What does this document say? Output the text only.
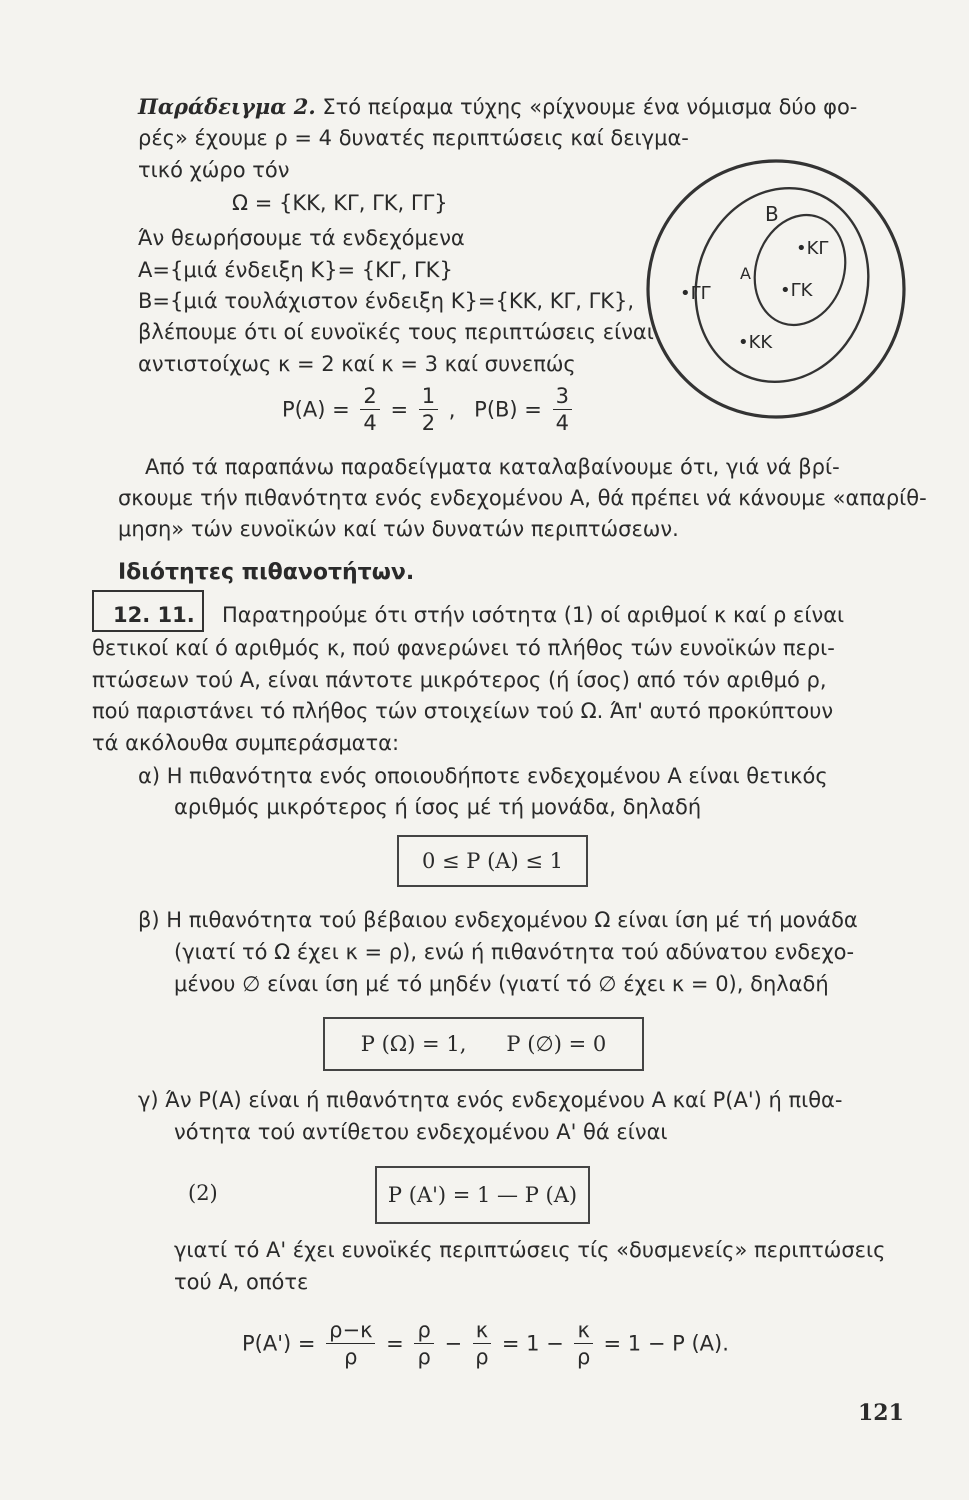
Παράδειγμα 2. Στό πείραμα τύχης «ρίχνουμε ένα νόμισμα δύο φο-
ρές» έχουμε ρ = 4 δυνατές περιπτώσεις καί δειγμα-
τικό χώρο τόν
Ω = {ΚΚ, ΚΓ, ΓΚ, ΓΓ}
Άν θεωρήσουμε τά ενδεχόμενα
A={μιά ένδειξη Κ}= {ΚΓ, ΓΚ}
B={μιά τουλάχιστον ένδειξη Κ}={ΚΚ, ΚΓ, ΓΚ},
βλέπουμε ότι οί ευνοϊκές τους περιπτώσεις είναι
αντιστοίχως κ = 2 καί κ = 3 καί συνεπώς
$P(A) = \frac{2}{4} = \frac{1}{2}$ , $P(B) = \frac{3}{4}$
B
A
•ΚΓ
•ΓΚ
•ΓΓ
•ΚΚ
Από τά παραπάνω παραδείγματα καταλαβαίνουμε ότι, γιά νά βρί-
σκουμε τήν πιθανότητα ενός ενδεχομένου Α, θά πρέπει νά κάνουμε «απαρίθ-
μηση» τών ευνοϊκών καί τών δυνατών περιπτώσεων.
Ιδιότητες πιθανοτήτων.
12. 11. Παρατηρούμε ότι στήν ισότητα (1) οί αριθμοί κ καί ρ είναι
θετικοί καί ό αριθμός κ, πού φανερώνει τό πλήθος τών ευνοϊκών περι-
πτώσεων τού Α, είναι πάντοτε μικρότερος (ή ίσος) από τόν αριθμό ρ,
πού παριστάνει τό πλήθος τών στοιχείων τού Ω. Άπ' αυτό προκύπτουν
τά ακόλουθα συμπεράσματα:
α) Η πιθανότητα ενός οποιουδήποτε ενδεχομένου Α είναι θετικός
αριθμός μικρότερος ή ίσος μέ τή μονάδα, δηλαδή
0 ≤ P (A) ≤ 1
β) Η πιθανότητα τού βέβαιου ενδεχομένου Ω είναι ίση μέ τή μονάδα
(γιατί τό Ω έχει κ = ρ), ενώ ή πιθανότητα τού αδύνατου ενδεχο-
μένου ∅ είναι ίση μέ τό μηδέν (γιατί τό ∅ έχει κ = 0), δηλαδή
P (Ω) = 1,      P (∅) = 0
γ) Άν P(A) είναι ή πιθανότητα ενός ενδεχομένου Α καί P(A') ή πιθα-
νότητα τού αντίθετου ενδεχομένου Α' θά είναι
(2)	P (A') = 1 — P (A)
γιατί τό Α' έχει ευνοϊκές περιπτώσεις τίς «δυσμενείς» περιπτώσεις
τού Α, οπότε
$P(A') = \frac{\rho-\kappa}{\rho} = \frac{\rho}{\rho} - \frac{\kappa}{\rho} = 1 - \frac{\kappa}{\rho} = 1 - P$ (A).
121
